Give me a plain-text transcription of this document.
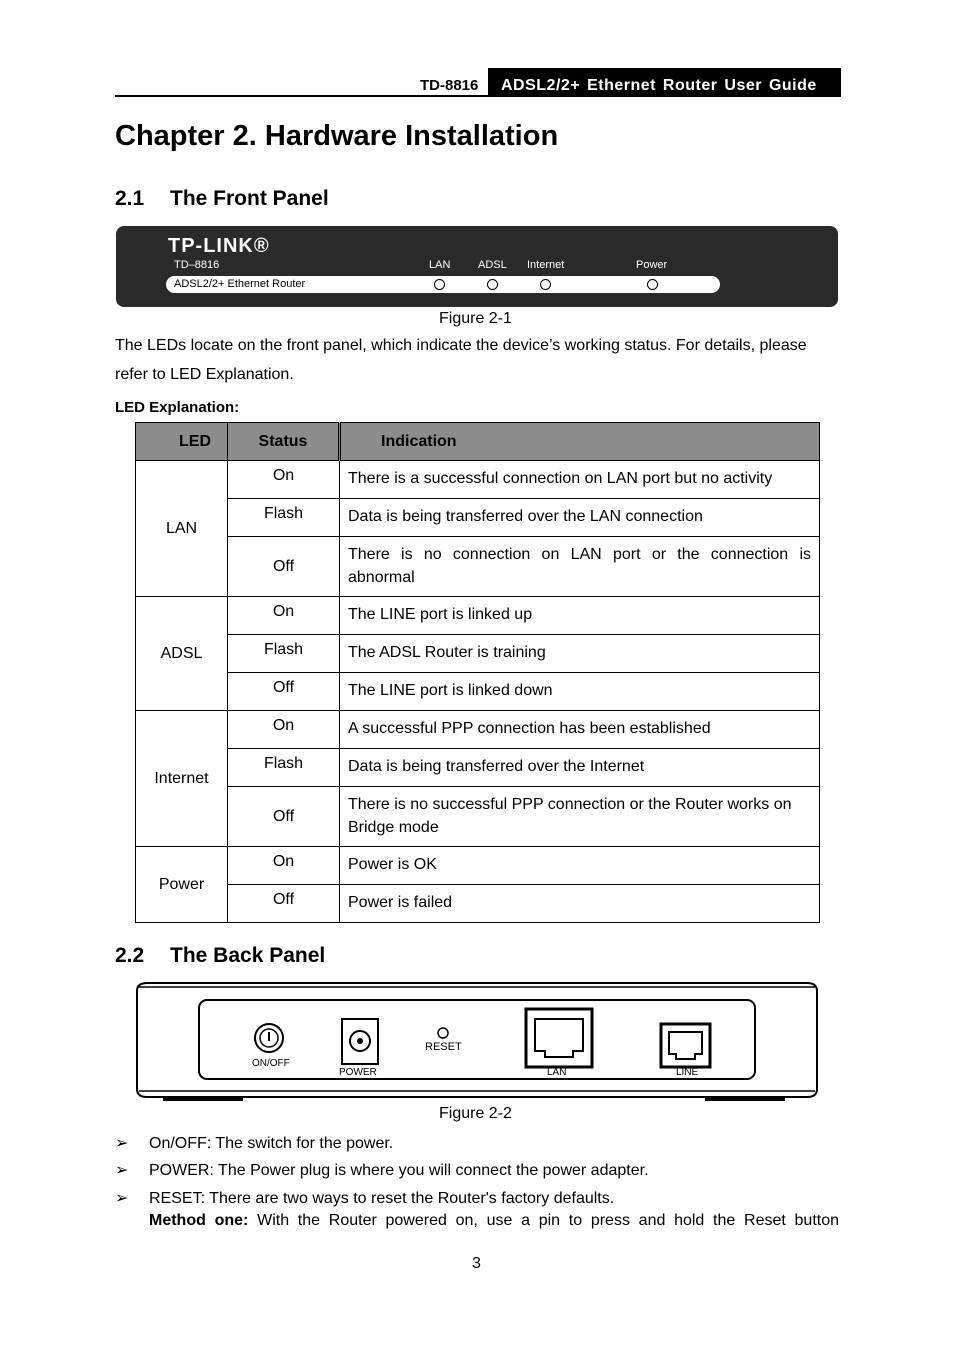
TD-8816 ADSL2/2+ Ethernet Router User Guide
Chapter 2. Hardware Installation
2.1 The Front Panel
TP-LINK®
TD–8816	LAN	ADSL Internet	Power
ADSL2/2+ Ethernet Router
Figure 2-1
The LEDs locate on the front panel, which indicate the device’s working status. For details, please refer to LED Explanation.
LED Explanation:
LED	Status	Indication
LAN	On	There is a successful connection on LAN port but no activity
	Flash	Data is being transferred over the LAN connection
	Off	There is no connection on LAN port or the connection is abnormal
ADSL	On	The LINE port is linked up
	Flash	The ADSL Router is training
	Off	The LINE port is linked down
Internet	On	A successful PPP connection has been established
	Flash	Data is being transferred over the Internet
	Off	There is no successful PPP connection or the Router works on Bridge mode
Power	On	Power is OK
	Off	Power is failed
2.2 The Back Panel
ON/OFF
POWER
RESET
LAN	LINE
Figure 2-2
➢ On/OFF: The switch for the power.
➢ POWER: The Power plug is where you will connect the power adapter.
➢ RESET: There are two ways to reset the Router's factory defaults.
Method one: With the Router powered on, use a pin to press and hold the Reset button
3
